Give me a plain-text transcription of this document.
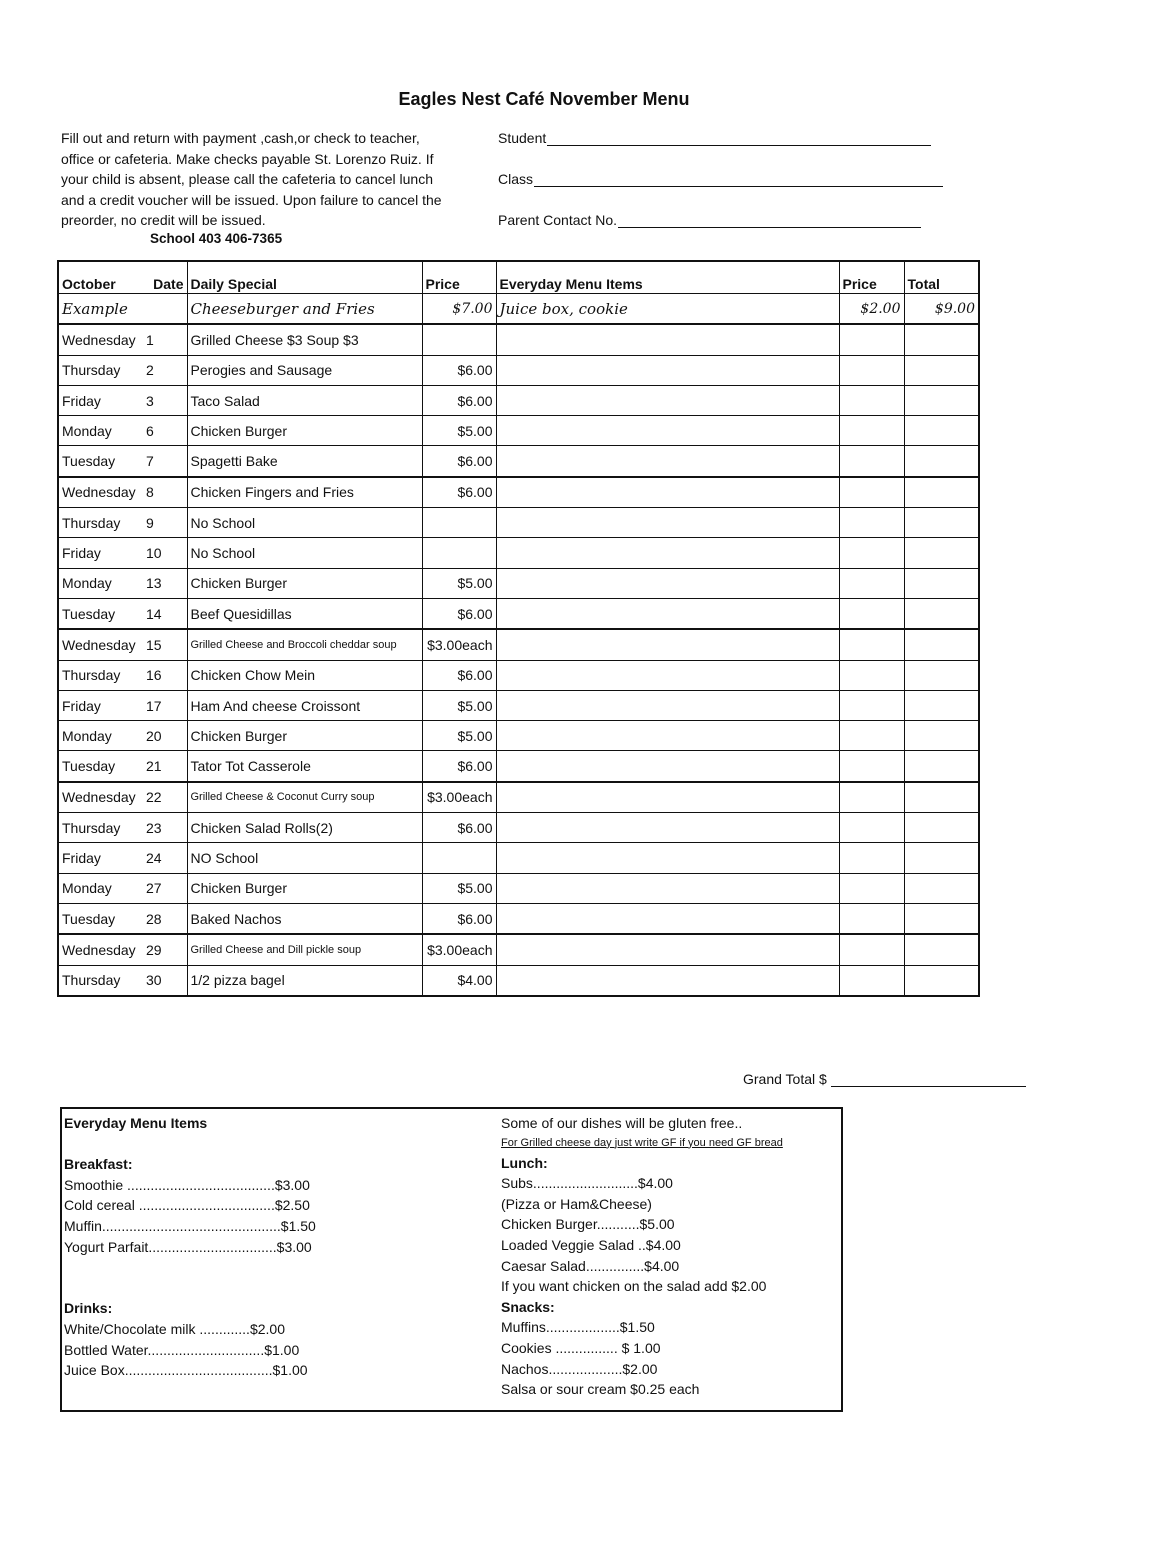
Eagles Nest Café November Menu
Fill out and return with payment ,cash,or check to teacher,
office or cafeteria. Make checks payable St. Lorenzo Ruiz. If
your child is absent, please call the cafeteria to cancel lunch
and a credit voucher will be issued. Upon failure to cancel the
preorder, no credit will be issued.
School 403 406-7365
Student
Class
Parent Contact No.
October Date		Daily Special	Price	Everyday Menu Items	Price	Total
Example		Cheeseburger and Fries	$7.00	Juice box, cookie	$2.00	$9.00
Wednesday	1	Grilled Cheese $3 Soup $3				
Thursday	2	Perogies and Sausage	$6.00			
Friday	3	Taco Salad	$6.00			
Monday	6	Chicken Burger	$5.00			
Tuesday	7	Spagetti Bake	$6.00			
Wednesday	8	Chicken Fingers and Fries	$6.00			
Thursday	9	No School				
Friday	10	No School				
Monday	13	Chicken Burger	$5.00			
Tuesday	14	Beef Quesidillas	$6.00			
Wednesday	15	Grilled Cheese and Broccoli cheddar soup	$3.00each			
Thursday	16	Chicken Chow Mein	$6.00			
Friday	17	Ham And cheese Croissont	$5.00			
Monday	20	Chicken Burger	$5.00			
Tuesday	21	Tator Tot Casserole	$6.00			
Wednesday	22	Grilled Cheese & Coconut Curry soup	$3.00each			
Thursday	23	Chicken Salad Rolls(2)	$6.00			
Friday	24	NO School				
Monday	27	Chicken Burger	$5.00			
Tuesday	28	Baked Nachos	$6.00			
Wednesday	29	Grilled Cheese and Dill pickle soup	$3.00each			
Thursday	30	1/2 pizza bagel	$4.00			
Grand Total $
Everyday Menu Items
Breakfast:
Smoothie ......................................$3.00
Cold cereal ...................................$2.50
Muffin..............................................$1.50
Yogurt Parfait.................................$3.00
Drinks:
White/Chocolate milk .............$2.00
Bottled Water..............................$1.00
Juice Box......................................$1.00
Some of our dishes will be gluten free..
For Grilled cheese day just write GF if you need GF bread
Lunch:
Subs...........................$4.00
(Pizza or Ham&Cheese)
Chicken Burger...........$5.00
Loaded Veggie Salad ..$4.00
Caesar Salad...............$4.00
If you want chicken on the salad add $2.00
Snacks:
Muffins...................$1.50
Cookies ................ $ 1.00
Nachos...................$2.00
Salsa or sour cream $0.25 each
